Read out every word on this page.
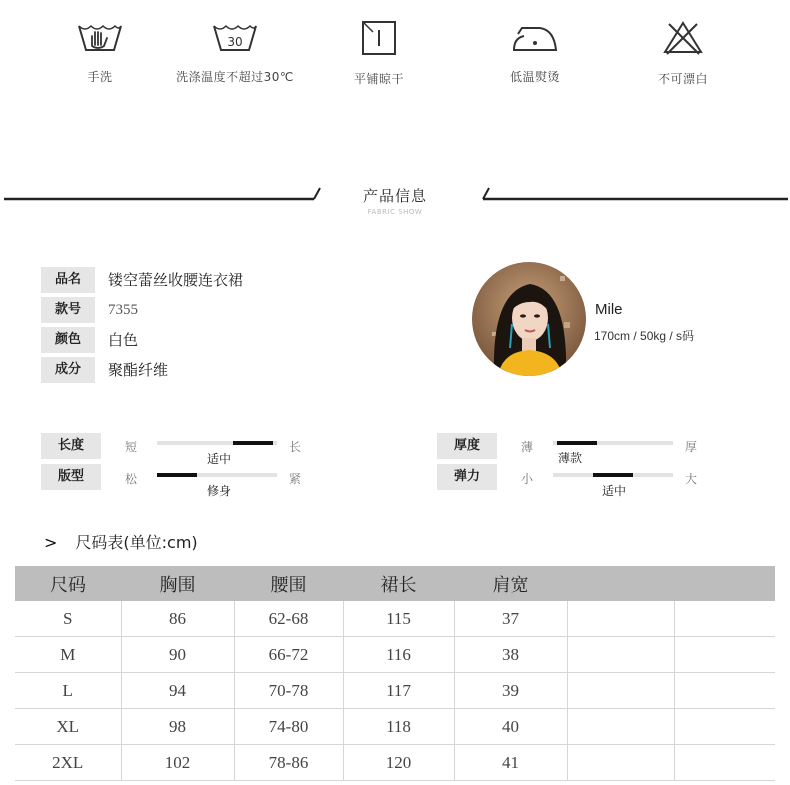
手洗
30
洗涤温度不超过30℃	平铺晾干	低温熨烫	不可漂白
产品信息
FABRIC SHOW
品名	镂空蕾丝收腰连衣裙
款号	7355
颜色	白色
成分	聚酯纤维
Mile
170cm / 50kg / s码
长度	短	长
适中
版型	松	紧
修身
厚度	薄	厚
薄款
弹力	小	大
适中
> 尺码表(单位:cm)
尺码	胸围	腰围	裙长	肩宽		
S	86	62-68	115	37		
M	90	66-72	116	38		
L	94	70-78	117	39		
XL	98	74-80	118	40		
2XL	102	78-86	120	41		
